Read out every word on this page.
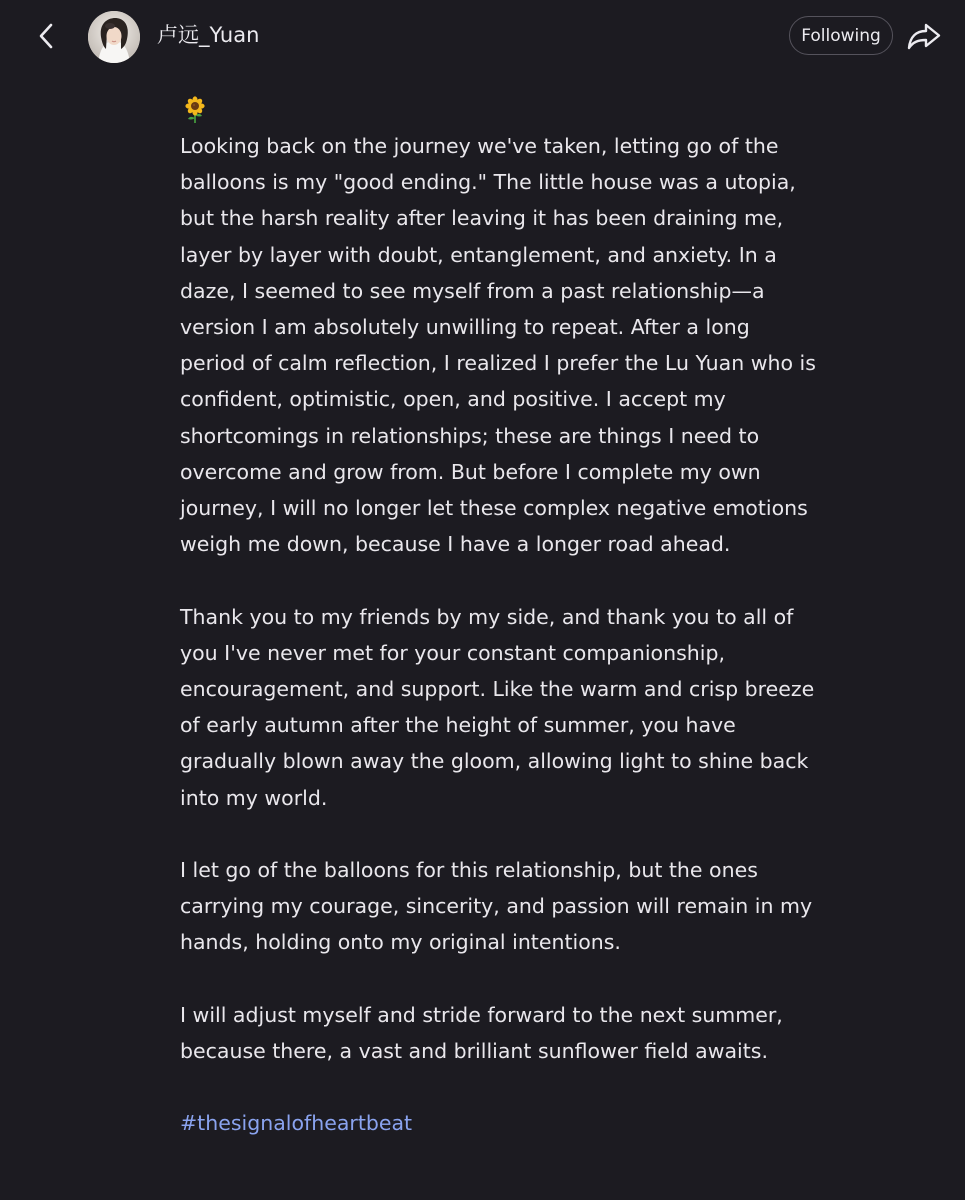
卢远_Yuan	Following

Looking back on the journey we've taken, letting go of the balloons is my "good ending." The little house was a utopia, but the harsh reality after leaving it has been draining me, layer by layer with doubt, entanglement, and anxiety. In a daze, I seemed to see myself from a past relationship—a version I am absolutely unwilling to repeat. After a long period of calm reflection, I realized I prefer the Lu Yuan who is confident, optimistic, open, and positive. I accept my shortcomings in relationships; these are things I need to overcome and grow from. But before I complete my own journey, I will no longer let these complex negative emotions weigh me down, because I have a longer road ahead.

Thank you to my friends by my side, and thank you to all of you I've never met for your constant companionship, encouragement, and support. Like the warm and crisp breeze of early autumn after the height of summer, you have gradually blown away the gloom, allowing light to shine back into my world.

I let go of the balloons for this relationship, but the ones carrying my courage, sincerity, and passion will remain in my hands, holding onto my original intentions.

I will adjust myself and stride forward to the next summer, because there, a vast and brilliant sunflower field awaits.

#thesignalofheartbeat
